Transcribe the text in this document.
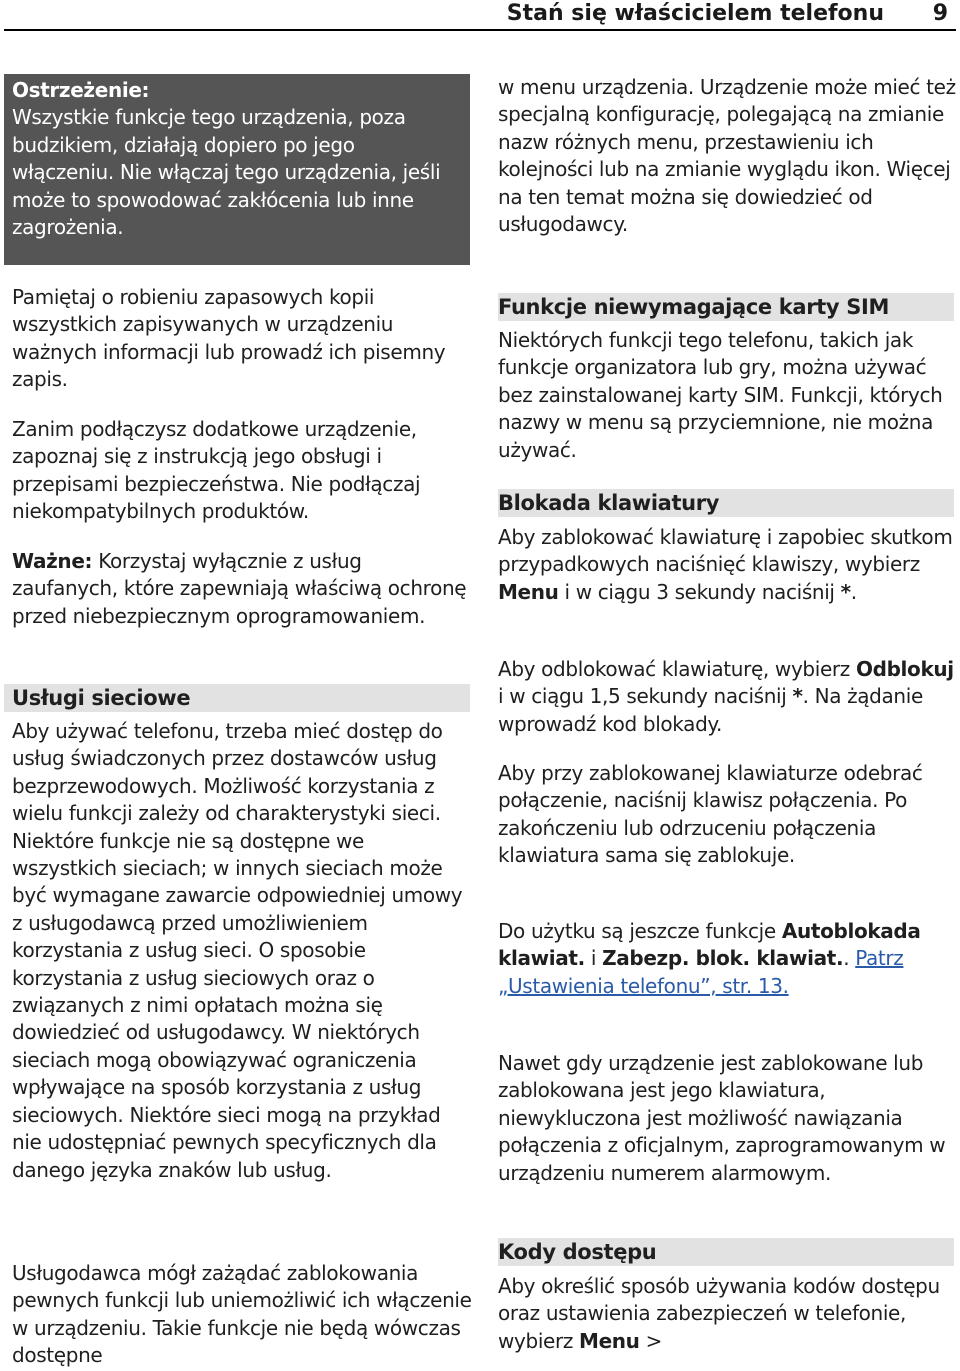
Stań się właścicielem telefonu 9
Ostrzeżenie:
Wszystkie funkcje tego urządzenia, poza budzikiem, działają dopiero po jego włączeniu. Nie włączaj tego urządzenia, jeśli może to spowodować zakłócenia lub inne zagrożenia.

Pamiętaj o robieniu zapasowych kopii wszystkich zapisywanych w urządzeniu ważnych informacji lub prowadź ich pisemny zapis.

Zanim podłączysz dodatkowe urządzenie, zapoznaj się z instrukcją jego obsługi i przepisami bezpieczeństwa. Nie podłączaj niekompatybilnych produktów.

Ważne: Korzystaj wyłącznie z usług zaufanych, które zapewniają właściwą ochronę przed niebezpiecznym oprogramowaniem.

Usługi sieciowe

Aby używać telefonu, trzeba mieć dostęp do usług świadczonych przez dostawców usług bezprzewodowych. Możliwość korzystania z wielu funkcji zależy od charakterystyki sieci. Niektóre funkcje nie są dostępne we wszystkich sieciach; w innych sieciach może być wymagane zawarcie odpowiedniej umowy z usługodawcą przed umożliwieniem korzystania z usług sieci. O sposobie korzystania z usług sieciowych oraz o związanych z nimi opłatach można się dowiedzieć od usługodawcy. W niektórych sieciach mogą obowiązywać ograniczenia wpływające na sposób korzystania z usług sieciowych. Niektóre sieci mogą na przykład nie udostępniać pewnych specyficznych dla danego języka znaków lub usług.

Usługodawca mógł zażądać zablokowania pewnych funkcji lub uniemożliwić ich włączenie w urządzeniu. Takie funkcje nie będą wówczas dostępne

w menu urządzenia. Urządzenie może mieć też specjalną konfigurację, polegającą na zmianie nazw różnych menu, przestawieniu ich kolejności lub na zmianie wyglądu ikon. Więcej na ten temat można się dowiedzieć od usługodawcy.

Funkcje niewymagające karty SIM

Niektórych funkcji tego telefonu, takich jak funkcje organizatora lub gry, można używać bez zainstalowanej karty SIM. Funkcji, których nazwy w menu są przyciemnione, nie można używać.

Blokada klawiatury

Aby zablokować klawiaturę i zapobiec skutkom przypadkowych naciśnięć klawiszy, wybierz Menu i w ciągu 3 sekundy naciśnij *.

Aby odblokować klawiaturę, wybierz Odblokuj i w ciągu 1,5 sekundy naciśnij *. Na żądanie wprowadź kod blokady.

Aby przy zablokowanej klawiaturze odebrać połączenie, naciśnij klawisz połączenia. Po zakończeniu lub odrzuceniu połączenia klawiatura sama się zablokuje.

Do użytku są jeszcze funkcje Autoblokada klawiat. i Zabezp. blok. klawiat.. Patrz „Ustawienia telefonu”, str. 13.

Nawet gdy urządzenie jest zablokowane lub zablokowana jest jego klawiatura, niewykluczona jest możliwość nawiązania połączenia z oficjalnym, zaprogramowanym w urządzeniu numerem alarmowym.

Kody dostępu

Aby określić sposób używania kodów dostępu oraz ustawienia zabezpieczeń w telefonie, wybierz Menu >
